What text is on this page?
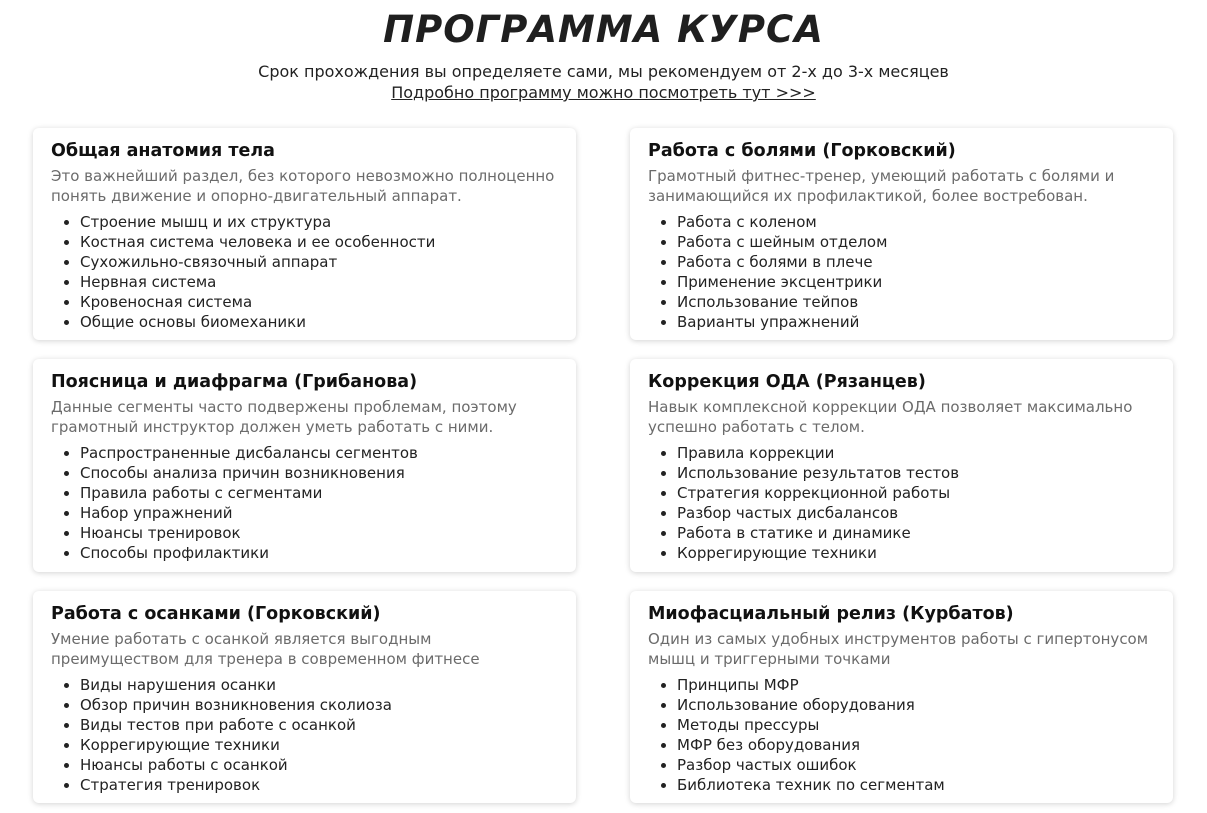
ПРОГРАММА КУРСА
Срок прохождения вы определяете сами, мы рекомендуем от 2-х до 3-х месяцев
Подробно программу можно посмотреть тут >>>
Общая анатомия тела

Это важнейший раздел, без которого невозможно полноценно понять движение и опорно-двигательный аппарат.

• Строение мышц и их структура
• Костная система человека и ее особенности
• Сухожильно-связочный аппарат
• Нервная система
• Кровеносная система
• Общие основы биомеханики
Работа с болями (Горковский)

Грамотный фитнес-тренер, умеющий работать с болями и занимающийся их профилактикой, более востребован.

• Работа с коленом
• Работа с шейным отделом
• Работа с болями в плече
• Применение эксцентрики
• Использование тейпов
• Варианты упражнений
Поясница и диафрагма (Грибанова)

Данные сегменты часто подвержены проблемам, поэтому грамотный инструктор должен уметь работать с ними.

• Распространенные дисбалансы сегментов
• Способы анализа причин возникновения
• Правила работы с сегментами
• Набор упражнений
• Нюансы тренировок
• Способы профилактики
Коррекция ОДА (Рязанцев)

Навык комплексной коррекции ОДА позволяет максимально успешно работать с телом.

• Правила коррекции
• Использование результатов тестов
• Стратегия коррекционной работы
• Разбор частых дисбалансов
• Работа в статике и динамике
• Коррегирующие техники
Работа с осанками (Горковский)

Умение работать с осанкой является выгодным преимуществом для тренера в современном фитнесе

• Виды нарушения осанки
• Обзор причин возникновения сколиоза
• Виды тестов при работе с осанкой
• Коррегирующие техники
• Нюансы работы с осанкой
• Стратегия тренировок
Миофасциальный релиз (Курбатов)

Один из самых удобных инструментов работы с гипертонусом мышц и триггерными точками

• Принципы МФР
• Использование оборудования
• Методы прессуры
• МФР без оборудования
• Разбор частых ошибок
• Библиотека техник по сегментам
